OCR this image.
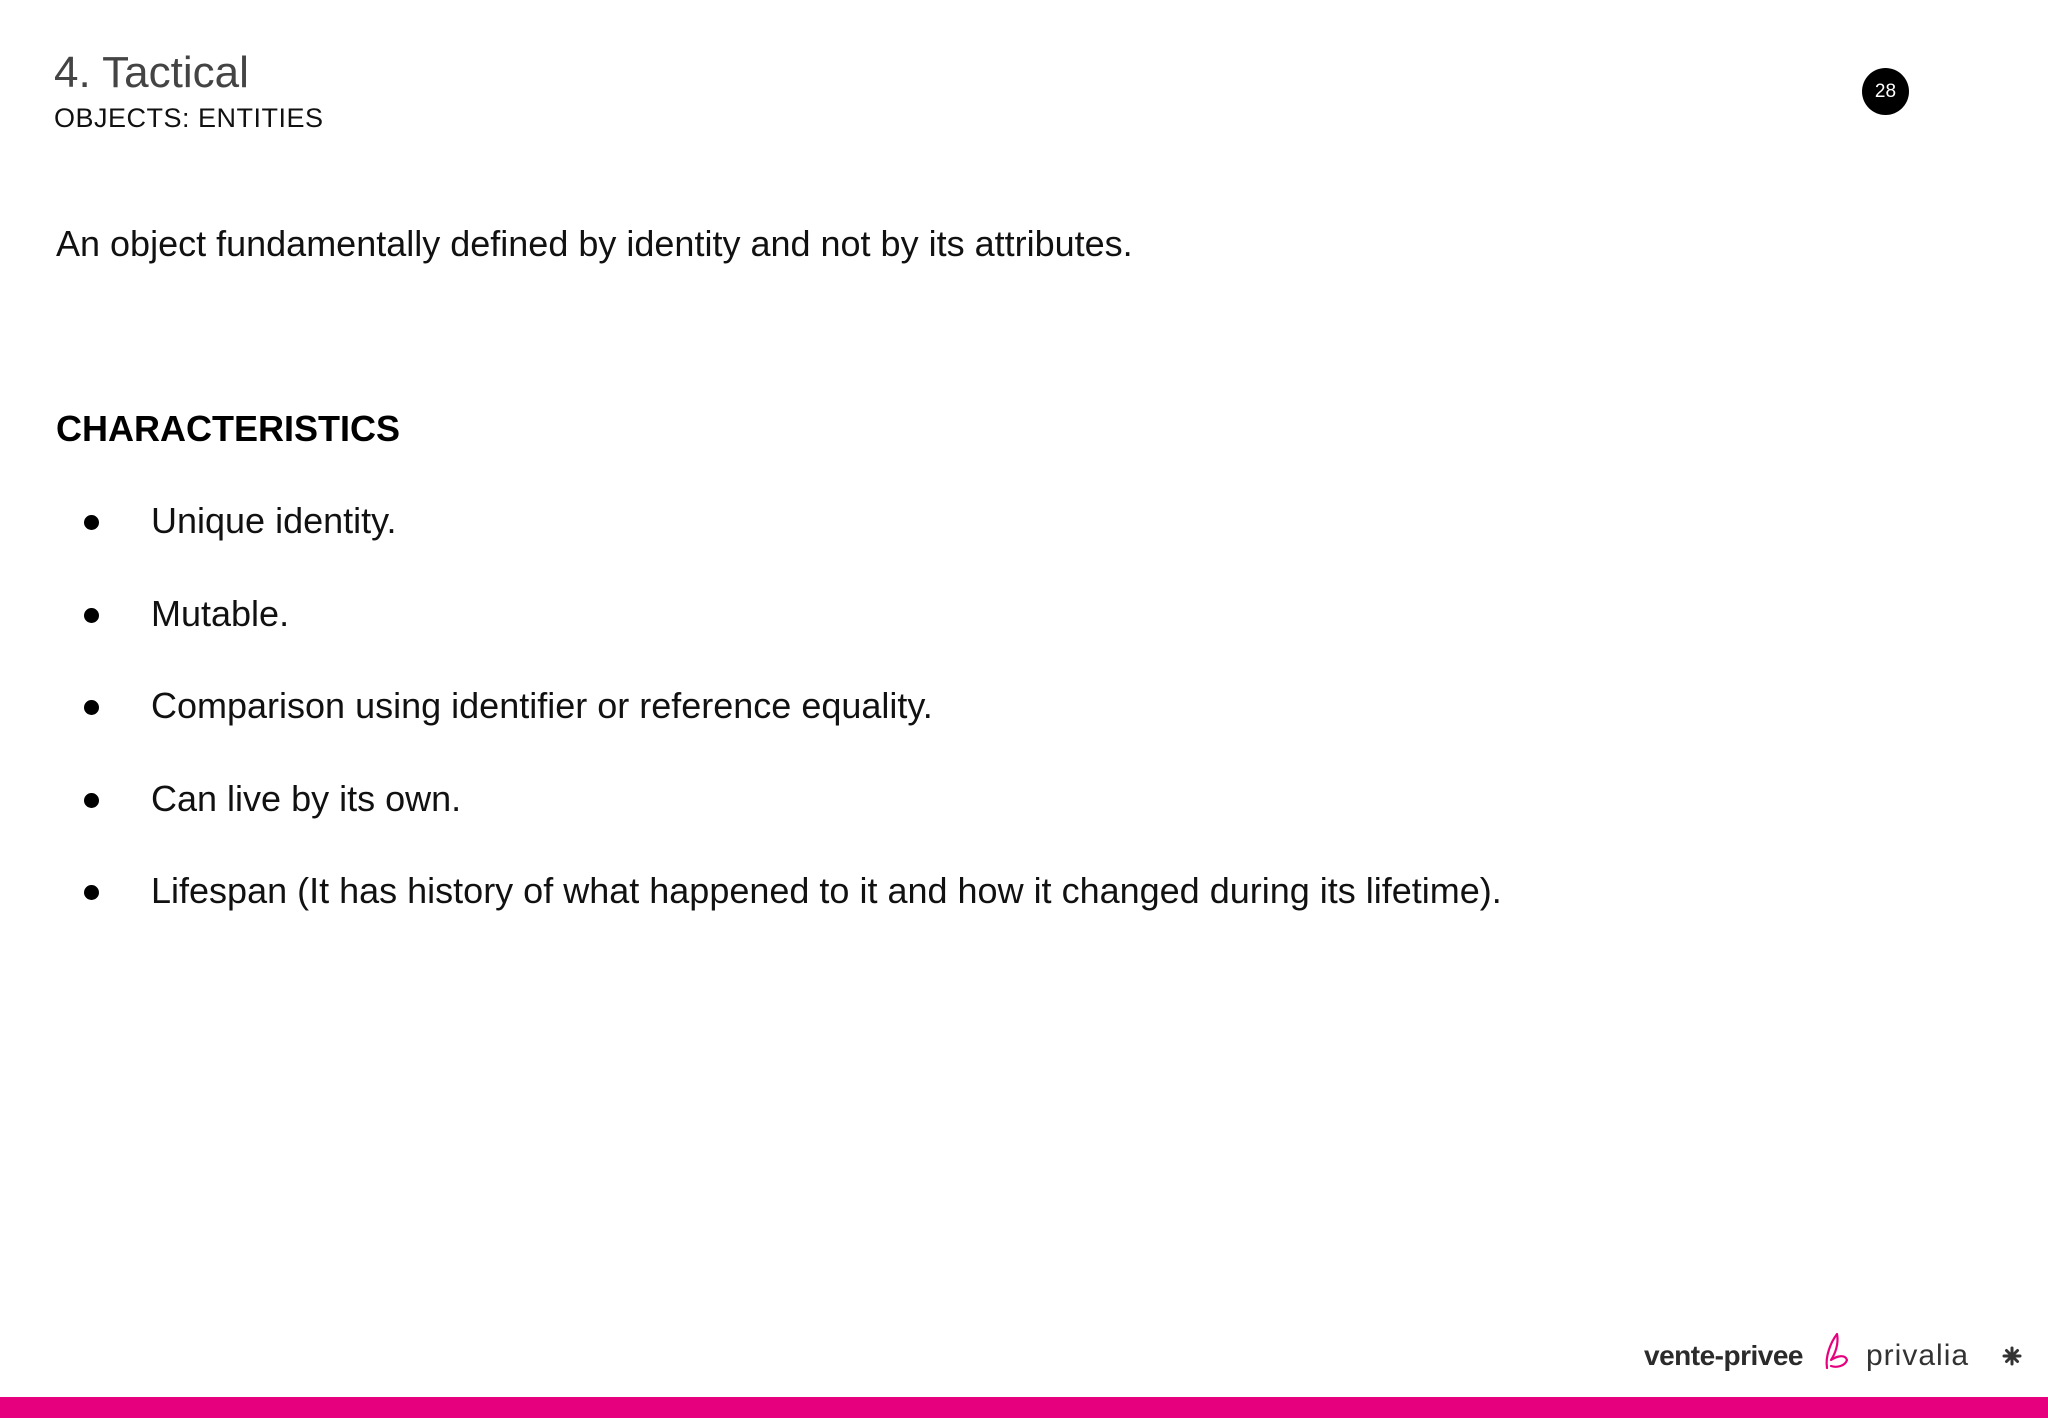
4. Tactical
OBJECTS: ENTITIES
28
An object fundamentally defined by identity and not by its attributes.
CHARACTERISTICS
Unique identity.
Mutable.
Comparison using identifier or reference equality.
Can live by its own.
Lifespan (It has history of what happened to it and how it changed during its lifetime).
vente-privee privalia
